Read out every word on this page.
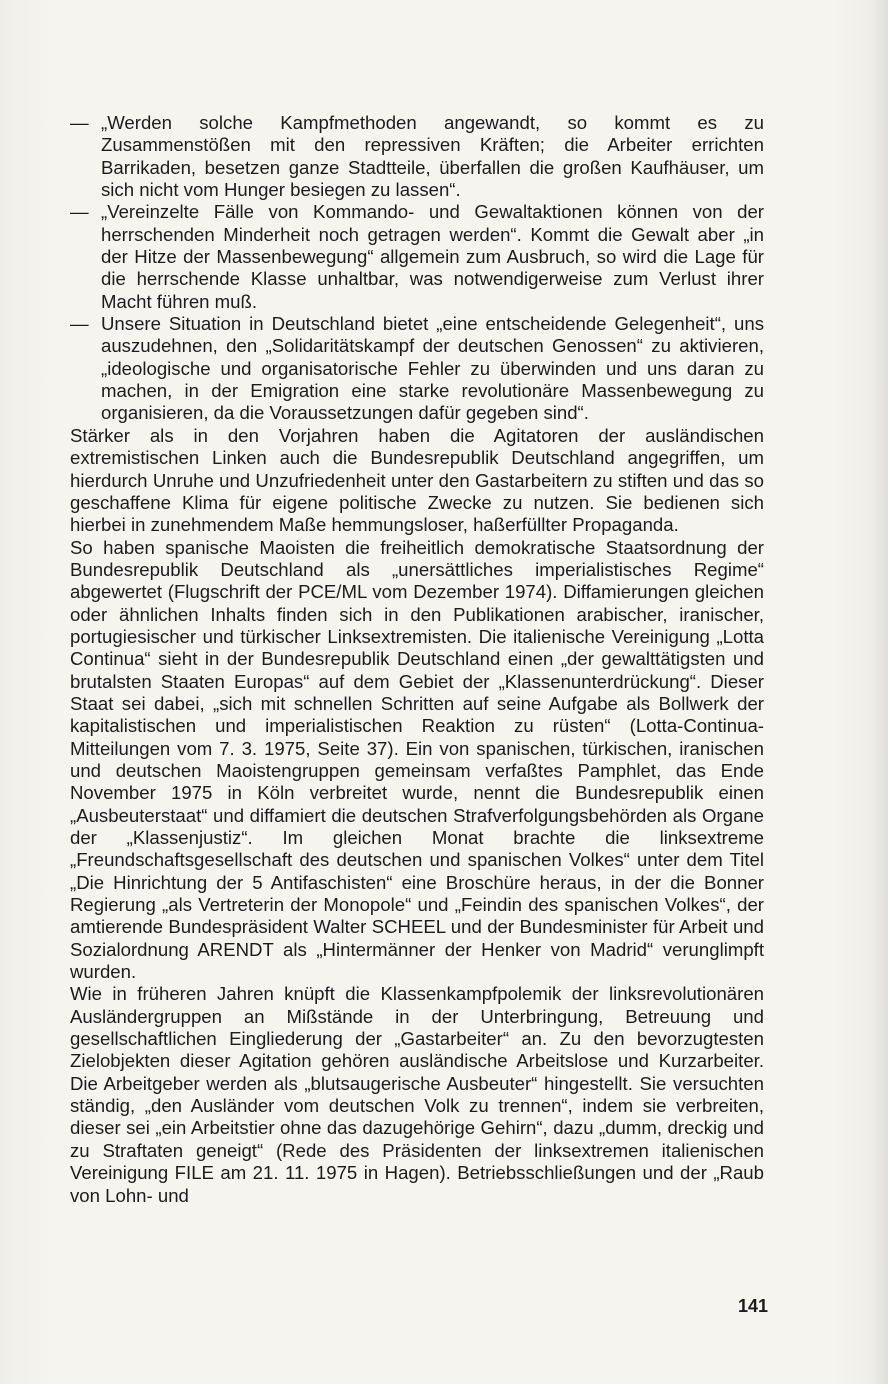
— „Werden solche Kampfmethoden angewandt, so kommt es zu Zusammenstößen mit den repressiven Kräften; die Arbeiter errichten Barrikaden, besetzen ganze Stadtteile, überfallen die großen Kaufhäuser, um sich nicht vom Hunger besiegen zu lassen“.

— „Vereinzelte Fälle von Kommando- und Gewaltaktionen können von der herrschenden Minderheit noch getragen werden“. Kommt die Gewalt aber „in der Hitze der Massenbewegung“ allgemein zum Ausbruch, so wird die Lage für die herrschende Klasse unhaltbar, was notwendigerweise zum Verlust ihrer Macht führen muß.

— Unsere Situation in Deutschland bietet „eine entscheidende Gelegenheit“, uns auszudehnen, den „Solidaritätskampf der deutschen Genossen“ zu aktivieren, „ideologische und organisatorische Fehler zu überwinden und uns daran zu machen, in der Emigration eine starke revolutionäre Massenbewegung zu organisieren, da die Voraussetzungen dafür gegeben sind“.

Stärker als in den Vorjahren haben die Agitatoren der ausländischen extremistischen Linken auch die Bundesrepublik Deutschland angegriffen, um hierdurch Unruhe und Unzufriedenheit unter den Gastarbeitern zu stiften und das so geschaffene Klima für eigene politische Zwecke zu nutzen. Sie bedienen sich hierbei in zunehmendem Maße hemmungsloser, haßerfüllter Propaganda.

So haben spanische Maoisten die freiheitlich demokratische Staatsordnung der Bundesrepublik Deutschland als „unersättliches imperialistisches Regime“ abgewertet (Flugschrift der PCE/ML vom Dezember 1974). Diffamierungen gleichen oder ähnlichen Inhalts finden sich in den Publikationen arabischer, iranischer, portugiesischer und türkischer Linksextremisten. Die italienische Vereinigung „Lotta Continua“ sieht in der Bundesrepublik Deutschland einen „der gewalttätigsten und brutalsten Staaten Europas“ auf dem Gebiet der „Klassenunterdrückung“. Dieser Staat sei dabei, „sich mit schnellen Schritten auf seine Aufgabe als Bollwerk der kapitalistischen und imperialistischen Reaktion zu rüsten“ (Lotta-Continua-Mitteilungen vom 7. 3. 1975, Seite 37). Ein von spanischen, türkischen, iranischen und deutschen Maoistengruppen gemeinsam verfaßtes Pamphlet, das Ende November 1975 in Köln verbreitet wurde, nennt die Bundesrepublik einen „Ausbeuterstaat“ und diffamiert die deutschen Strafverfolgungsbehörden als Organe der „Klassenjustiz“. Im gleichen Monat brachte die linksextreme „Freundschaftsgesellschaft des deutschen und spanischen Volkes“ unter dem Titel „Die Hinrichtung der 5 Antifaschisten“ eine Broschüre heraus, in der die Bonner Regierung „als Vertreterin der Monopole“ und „Feindin des spanischen Volkes“, der amtierende Bundespräsident Walter SCHEEL und der Bundesminister für Arbeit und Sozialordnung ARENDT als „Hintermänner der Henker von Madrid“ verunglimpft wurden.

Wie in früheren Jahren knüpft die Klassenkampfpolemik der linksrevolutionären Ausländergruppen an Mißstände in der Unterbringung, Betreuung und gesellschaftlichen Eingliederung der „Gastarbeiter“ an. Zu den bevorzugtesten Zielobjekten dieser Agitation gehören ausländische Arbeitslose und Kurzarbeiter. Die Arbeitgeber werden als „blutsaugerische Ausbeuter“ hingestellt. Sie versuchten ständig, „den Ausländer vom deutschen Volk zu trennen“, indem sie verbreiten, dieser sei „ein Arbeitstier ohne das dazugehörige Gehirn“, dazu „dumm, dreckig und zu Straftaten geneigt“ (Rede des Präsidenten der linksextremen italienischen Vereinigung FILE am 21. 11. 1975 in Hagen). Betriebsschließungen und der „Raub von Lohn- und

141
